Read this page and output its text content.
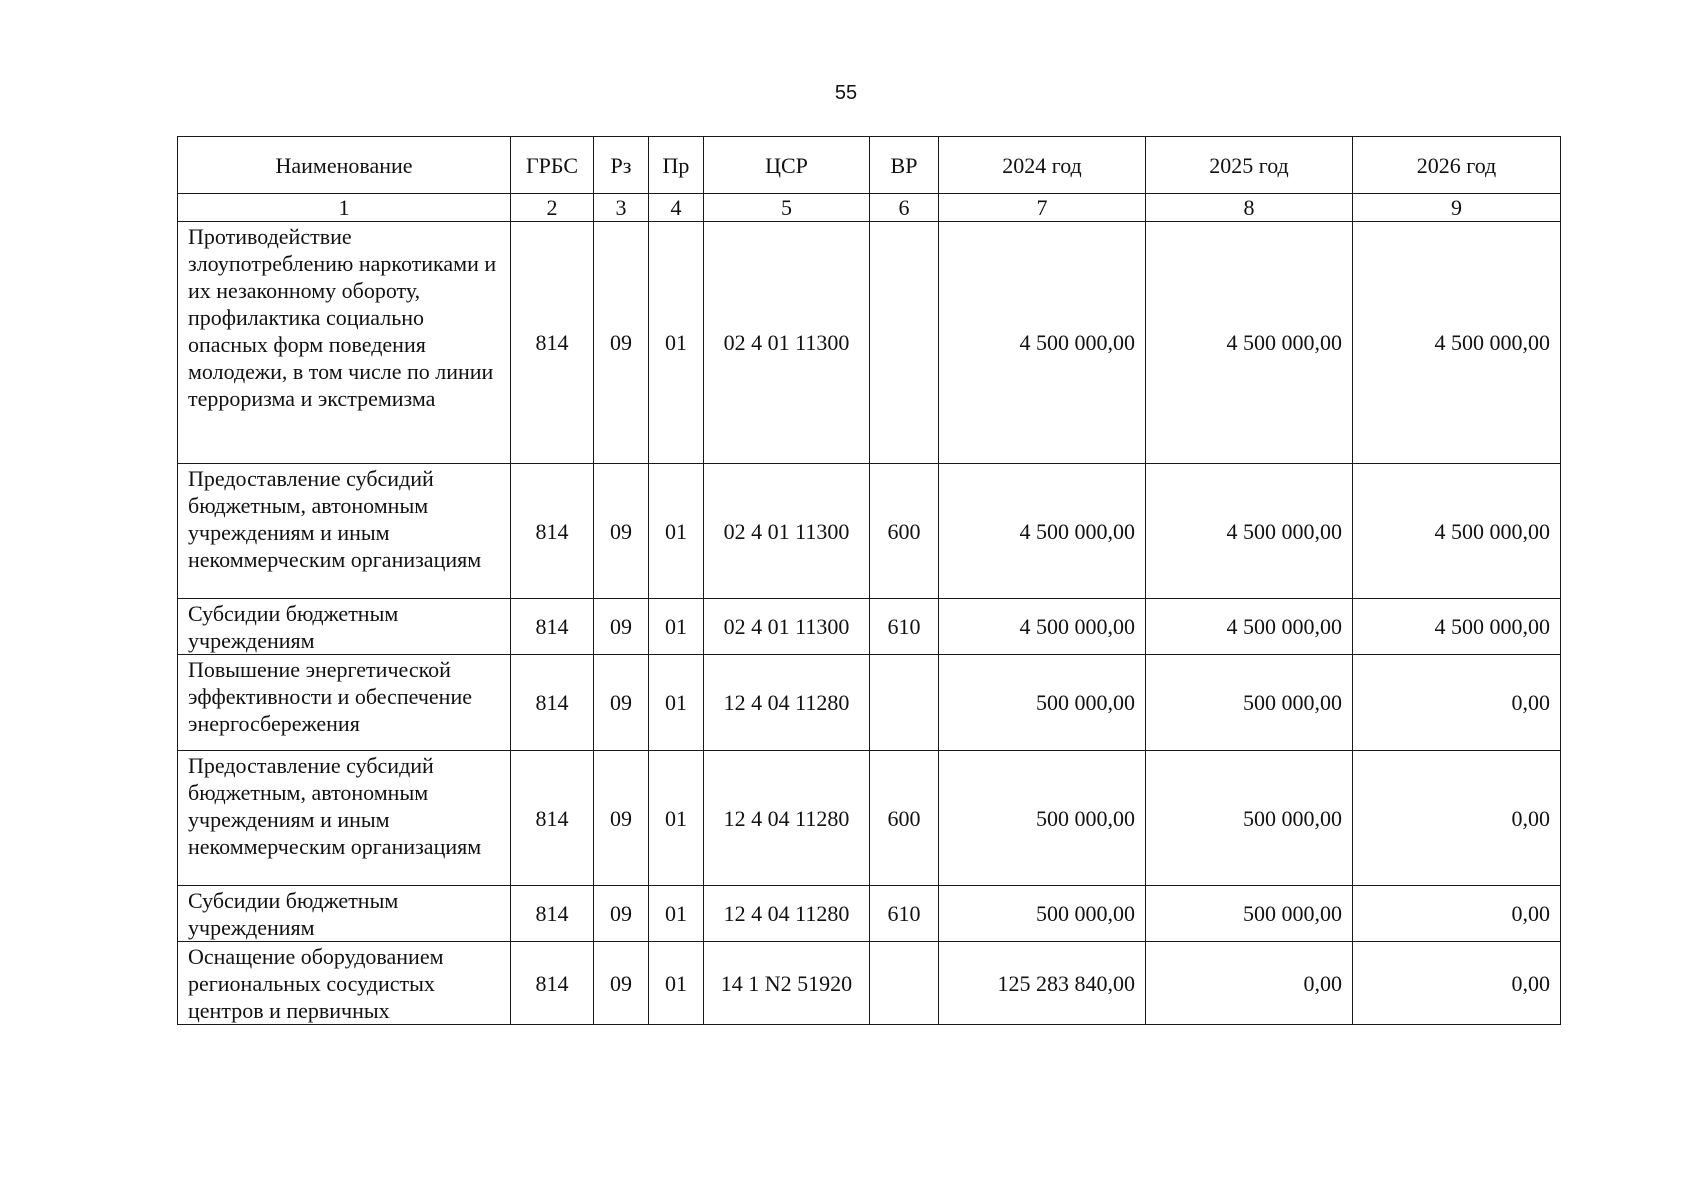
55
Наименование	ГРБС	Рз	Пр	ЦСР	ВР	2024 год	2025 год	2026 год
1	2	3	4	5	6	7	8	9
Противодействие злоупотреблению наркотиками и их незаконному обороту, профилактика социально опасных форм поведения молодежи, в том числе по линии терроризма и экстремизма	814	09	01	02 4 01 11300		4 500 000,00	4 500 000,00	4 500 000,00
Предоставление субсидий бюджетным, автономным учреждениям и иным некоммерческим организациям	814	09	01	02 4 01 11300	600	4 500 000,00	4 500 000,00	4 500 000,00
Субсидии бюджетным учреждениям	814	09	01	02 4 01 11300	610	4 500 000,00	4 500 000,00	4 500 000,00
Повышение энергетической эффективности и обеспечение энергосбережения	814	09	01	12 4 04 11280		500 000,00	500 000,00	0,00
Предоставление субсидий бюджетным, автономным учреждениям и иным некоммерческим организациям	814	09	01	12 4 04 11280	600	500 000,00	500 000,00	0,00
Субсидии бюджетным учреждениям	814	09	01	12 4 04 11280	610	500 000,00	500 000,00	0,00
Оснащение оборудованием региональных сосудистых центров и первичных	814	09	01	14 1 N2 51920		125 283 840,00	0,00	0,00
